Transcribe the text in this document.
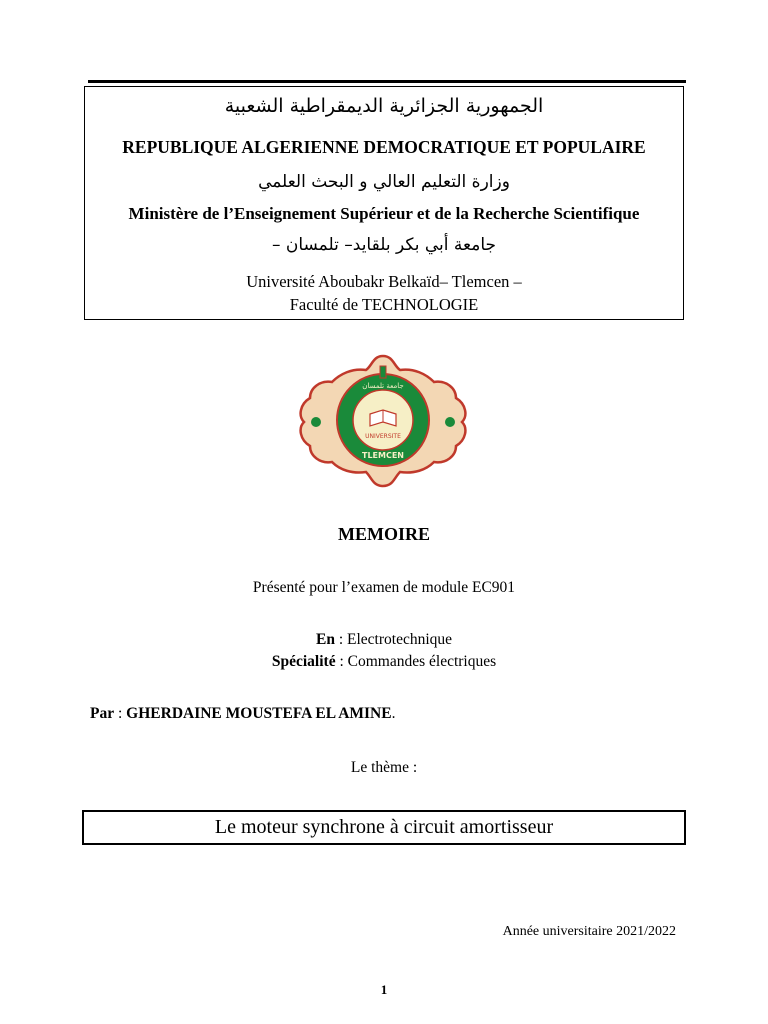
الجمهورية الجزائرية الديمقراطية الشعبية
REPUBLIQUE ALGERIENNE DEMOCRATIQUE ET POPULAIRE
وزارة التعليم العالي و البحث العلمي
Ministère de l’Enseignement Supérieur et de la Recherche Scientifique
جامعة أبي بكر بلقايد– تلمسان –
Université Aboubakr Belkaïd– Tlemcen –
Faculté de TECHNOLOGIE
جامعة تلمسان
UNIVERSITE
TLEMCEN
MEMOIRE
Présenté pour l’examen de module EC901
En : Electrotechnique
Spécialité : Commandes électriques
Par : GHERDAINE MOUSTEFA EL AMINE.
Le thème :
Le moteur synchrone à circuit amortisseur
Année universitaire 2021/2022
1
